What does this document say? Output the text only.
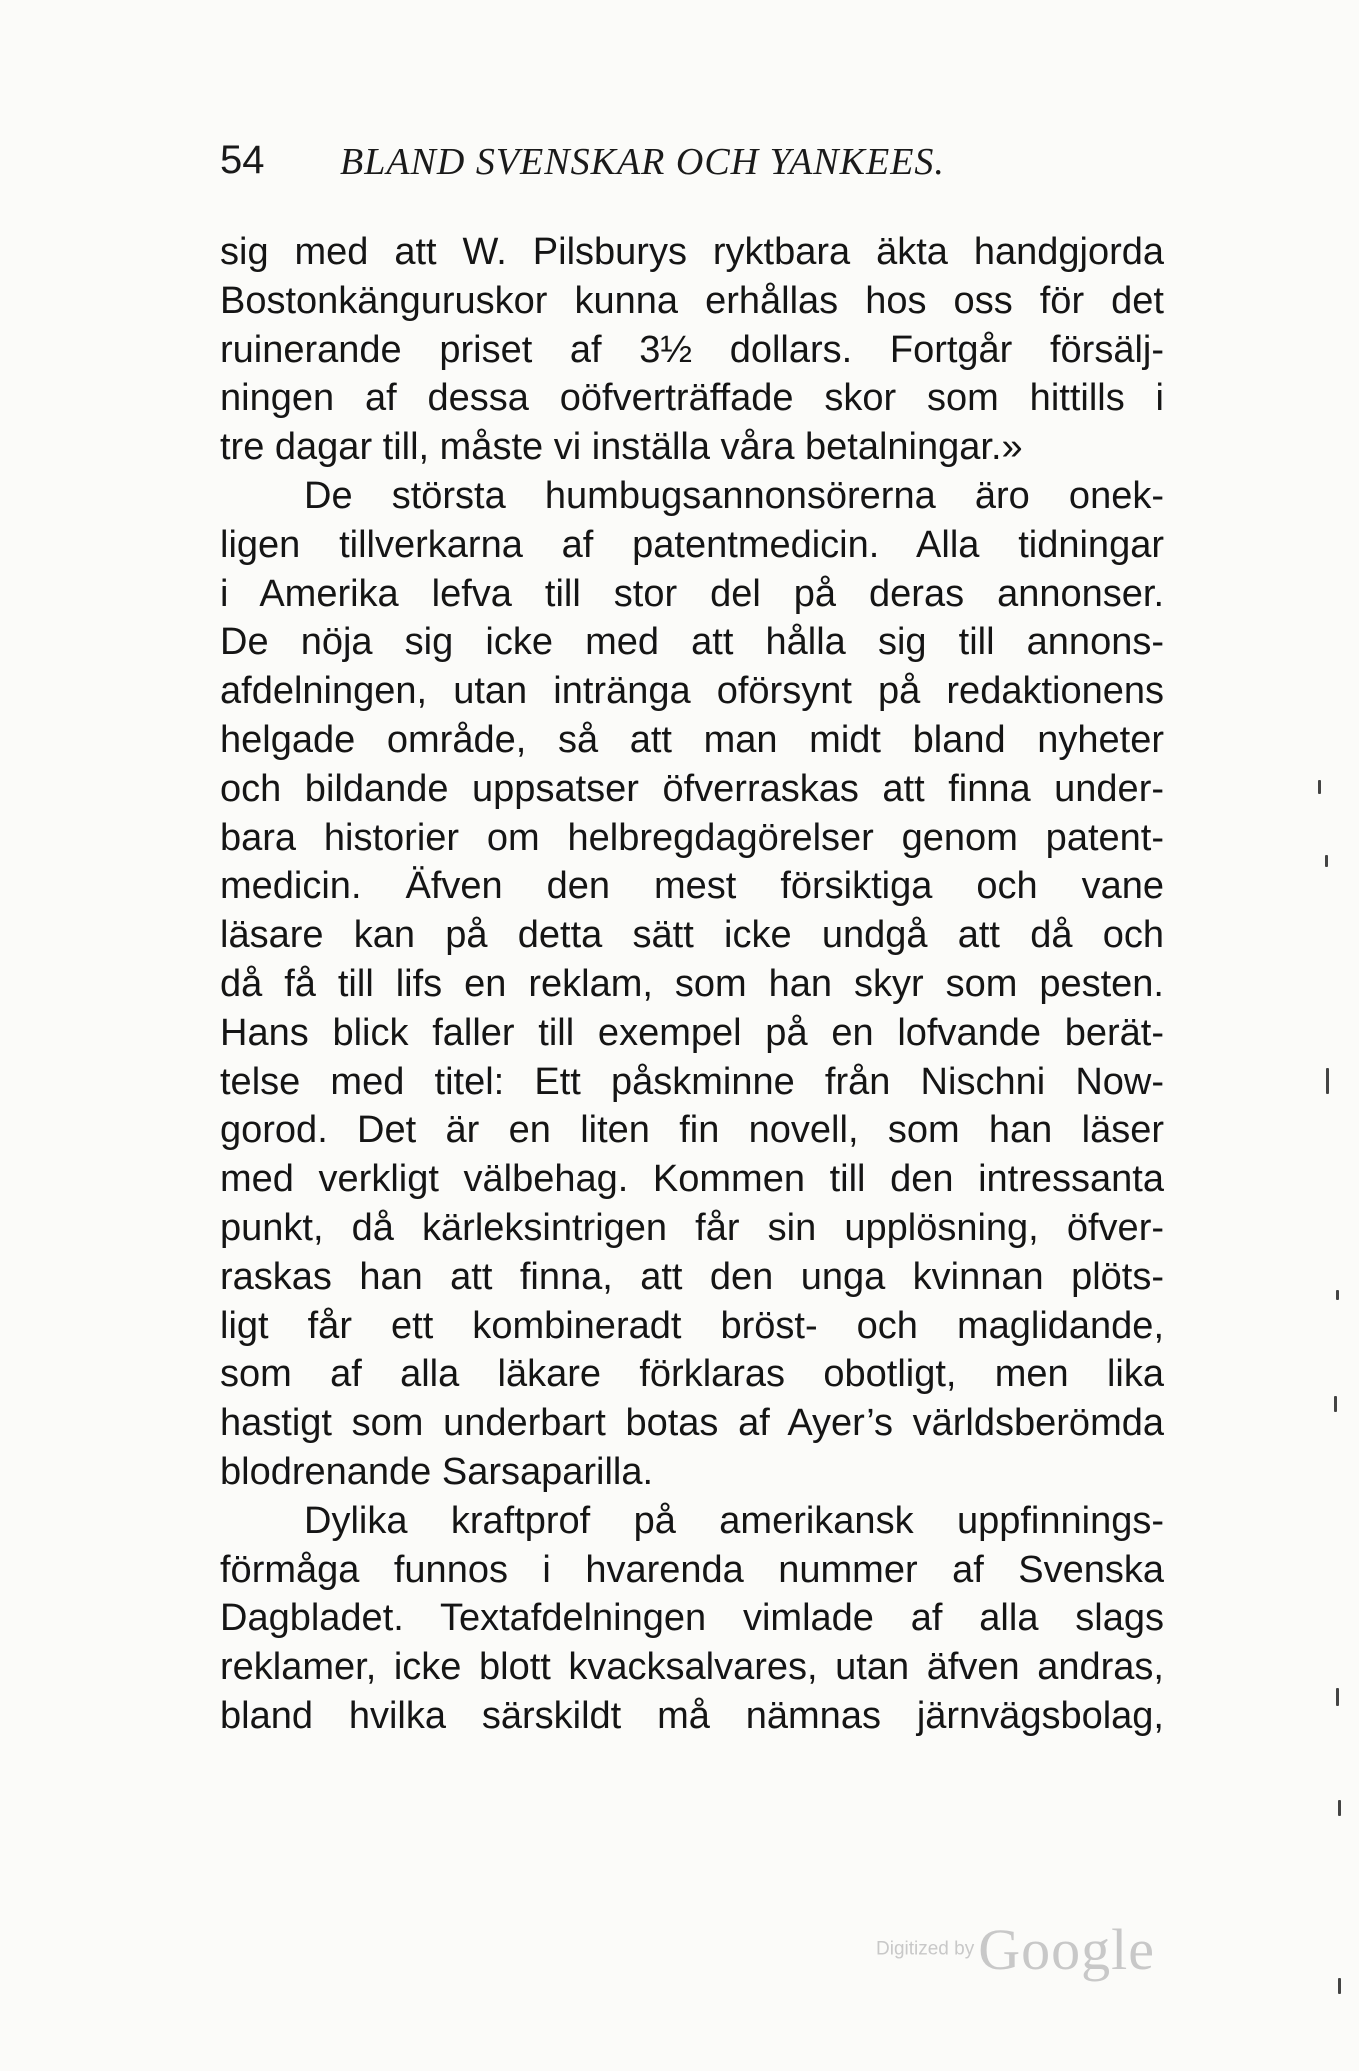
54 BLAND SVENSKAR OCH YANKEES.
sig med att W. Pilsburys ryktbara äkta handgjorda
Bostonkänguruskor kunna erhållas hos oss för det
ruinerande priset af 3½ dollars. Fortgår försälj-
ningen af dessa oöfverträffade skor som hittills i
tre dagar till, måste vi inställa våra betalningar.»
De största humbugsannonsörerna äro onek-
ligen tillverkarna af patentmedicin. Alla tidningar
i Amerika lefva till stor del på deras annonser.
De nöja sig icke med att hålla sig till annons-
afdelningen, utan intränga oförsynt på redaktionens
helgade område, så att man midt bland nyheter
och bildande uppsatser öfverraskas att finna under-
bara historier om helbregdagörelser genom patent-
medicin. Äfven den mest försiktiga och vane
läsare kan på detta sätt icke undgå att då och
då få till lifs en reklam, som han skyr som pesten.
Hans blick faller till exempel på en lofvande berät-
telse med titel: Ett påskminne från Nischni Now-
gorod. Det är en liten fin novell, som han läser
med verkligt välbehag. Kommen till den intressanta
punkt, då kärleksintrigen får sin upplösning, öfver-
raskas han att finna, att den unga kvinnan plöts-
ligt får ett kombineradt bröst- och maglidande,
som af alla läkare förklaras obotligt, men lika
hastigt som underbart botas af Ayer’s världsberömda
blodrenande Sarsaparilla.
Dylika kraftprof på amerikansk uppfinnings-
förmåga funnos i hvarenda nummer af Svenska
Dagbladet. Textafdelningen vimlade af alla slags
reklamer, icke blott kvacksalvares, utan äfven andras,
bland hvilka särskildt må nämnas järnvägsbolag,
Digitized by Google
